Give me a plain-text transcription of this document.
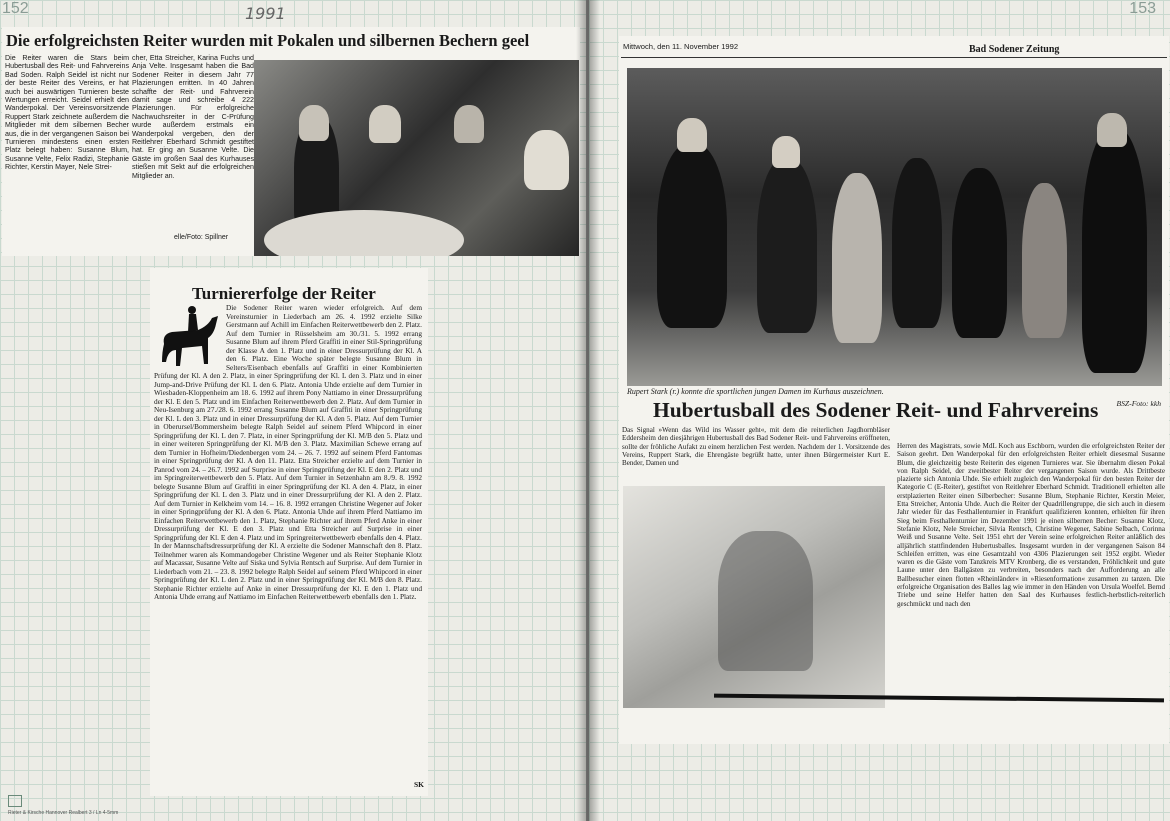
152	1991
Die erfolgreichsten Reiter wurden mit Pokalen und silbernen Bechern geel
Die Reiter waren die Stars beim Hubertusball des Reit- und Fahrvereins Bad Soden. Ralph Seidel ist nicht nur der beste Reiter des Vereins, er hat auch bei auswärtigen Turnieren beste Wertungen erreicht. Seidel erhielt den Wanderpokal. Der Vereinsvorsitzende Ruppert Stark zeichnete außerdem die Mitglieder mit dem silbernen Becher aus, die in der vergangenen Saison bei Turnieren mindestens einen ersten Platz belegt haben: Susanne Blum, Susanne Velte, Felix Radizi, Stephanie Richter, Kerstin Mayer, Nele Strei-
cher, Etta Streicher, Karina Fuchs und Anja Velte. Insgesamt haben die Bad Sodener Reiter in diesem Jahr 77 Plazierungen erritten. In 40 Jahren schaffte der Reit- und Fahrverein damit sage und schreibe 4 222 Plazierungen. Für erfolgreiche Nachwuchsreiter in der C-Prüfung wurde außerdem erstmals ein Wanderpokal vergeben, den der Reitlehrer Eberhard Schmidt gestiftet hat. Er ging an Susanne Velte. Die Gäste im großen Saal des Kurhauses stießen mit Sekt auf die erfolgreichen Mitglieder an.
elle/Foto: Spillner
Turniererfolge der Reiter
Die Sodener Reiter waren wieder erfolgreich. Auf dem Vereinsturnier in Liederbach am 26. 4. 1992 erzielte Silke Gerstmann auf Achill im Einfachen Reiterwettbewerb den 2. Platz. Auf dem Turnier in Rüsselsheim am 30./31. 5. 1992 errang Susanne Blum auf ihrem Pferd Graffiti in einer Stil-Springprüfung der Klasse A den 1. Platz und in einer Dressurprüfung der Kl. A den 6. Platz. Eine Woche später belegte Susanne Blum in Selters/Eisenbach ebenfalls auf Graffiti in einer Kombinierten Prüfung der Kl. A den 2. Platz, in einer Springprüfung der Kl. L den 3. Platz und in einer Jump-and-Drive Prüfung der Kl. L den 6. Platz. Antonia Uhde erzielte auf dem Turnier in Wiesbaden-Kloppenheim am 18. 6. 1992 auf ihrem Pony Nattiamo in einer Dressurprüfung der Kl. E den 5. Platz und im Einfachen Reiterwettbewerb den 2. Platz. Auf dem Turnier in Neu-Isenburg am 27./28. 6. 1992 errang Susanne Blum auf Graffiti in einer Springprüfung der Kl. L den 3. Platz und in einer Dressurprüfung der Kl. A den 5. Platz. Auf dem Turnier in Oberursel/Bommersheim belegte Ralph Seidel auf seinem Pferd Whipcord in einer Springprüfung der Kl. L den 7. Platz, in einer Springprüfung der Kl. M/B den 5. Platz und in einer weiteren Springprüfung der Kl. M/B den 3. Platz. Maximilian Schewe errang auf dem Turnier in Hofheim/Diedenbergen vom 24. – 26. 7. 1992 auf seinem Pferd Fantomas in einer Springprüfung der Kl. A den 11. Platz. Etta Streicher erzielte auf dem Turnier in Panrod vom 24. – 26.7. 1992 auf Surprise in einer Springprüfung der Kl. E den 2. Platz und im Springreiterwettbewerb den 5. Platz. Auf dem Turnier in Setzenhahn am 8./9. 8. 1992 belegte Susanne Blum auf Graffiti in einer Springprüfung der Kl. A den 4. Platz, in einer Springprüfung der Kl. L den 3. Platz und in einer Dressurprüfung der Kl. A den 2. Platz. Auf dem Turnier in Kelkheim vom 14. – 16. 8. 1992 errangen Christine Wegener auf Joker in einer Springprüfung der Kl. A den 6. Platz. Antonia Uhde auf ihrem Pferd Nattiamo im Einfachen Reiterwettbewerb den 1. Platz, Stephanie Richter auf ihrem Pferd Anke in einer Dressurprüfung der Kl. E den 3. Platz und Etta Streicher auf Surprise in einer Springprüfung der Kl. E den 4. Platz und im Springreiterwettbewerb ebenfalls den 4. Platz. In der Mannschaftsdressurprüfung der Kl. A erzielte die Sodener Mannschaft den 8. Platz. Teilnehmer waren als Kommandogeber Christine Wegener und als Reiter Stephanie Klotz auf Macassar, Susanne Velte auf Siska und Sylvia Rentsch auf Surprise. Auf dem Turnier in Liederbach vom 21. – 23. 8. 1992 belegte Ralph Seidel auf seinem Pferd Whipcord in einer Springprüfung der Kl. L den 2. Platz und in einer Springprüfung der Kl. M/B den 8. Platz. Stephanie Richter erzielte auf Anke in einer Dressurprüfung der Kl. E den 1. Platz und Antonia Uhde errang auf Nattiamo im Einfachen Reiterwettbewerb ebenfalls den 1. Platz.
SK
Rieter & Kirsche Hannover Realbert 3 / Ln 4-5mm
153
Mittwoch, den 11. November 1992	Bad Sodener Zeitung
Rupert Stark (r.) konnte die sportlichen jungen Damen im Kurhaus auszeichnen.
BSZ-Foto: kkh
Hubertusball des Sodener Reit- und Fahrvereins
Das Signal »Wenn das Wild ins Wasser geht«, mit dem die reiterlichen Jagdhornbläser Eddersheim den diesjährigen Hubertusball des Bad Sodener Reit- und Fahrvereins eröffneten, sollte der fröhliche Aufakt zu einem herzlichen Fest werden. Nachdem der 1. Vorsitzende des Vereins, Ruppert Stark, die Ehrengäste begrüßt hatte, unter ihnen Bürgermeister Kurt E. Bender, Damen und
Herren des Magistrats, sowie MdL Koch aus Eschborn, wurden die erfolgreichsten Reiter der Saison geehrt. Den Wanderpokal für den erfolgreichsten Reiter erhielt diesesmal Susanne Blum, die gleichzeitig beste Reiterin des eigenen Turnieres war. Sie übernahm diesen Pokal von Ralph Seidel, der zweitbester Reiter der vergangenen Saison wurde. Als Drittbeste plazierte sich Antonia Uhde. Sie erhielt zugleich den Wanderpokal für den besten Reiter der Kategorie C (E-Reiter), gestiftet von Reitlehrer Eberhard Schmidt. Traditionell erhielten alle erstplazierten Reiter einen Silberbecher: Susanne Blum, Stephanie Richter, Kerstin Meier, Etta Streicher, Antonia Uhde. Auch die Reiter der Quadrillengruppe, die sich auch in diesem Jahr wieder für das Festhallenturnier in Frankfurt qualifizieren konnten, erhielten für ihren Sieg beim Festhallenturnier im Dezember 1991 je einen silbernen Becher: Susanne Klotz, Stefanie Klotz, Nele Streicher, Silvia Rentsch, Christine Wegener, Sabine Selbach, Corinna Weiß und Susanne Velte. Seit 1951 ehrt der Verein seine erfolgreichen Reiter anläßlich des alljährlich stattfindenden Hubertusballes. Insgesamt wurden in der vergangenen Saison 84 Schleifen erritten, was eine Gesamtzahl von 4306 Plazierungen seit 1952 ergibt. Wieder waren es die Gäste vom Tanzkreis MTV Kronberg, die es verstanden, Fröhlichkeit und gute Laune unter den Ballgästen zu verbreiten, besonders nach der Aufforderung an alle Ballbesucher einen flotten »Rheinländer« in »Riesenformation« zusammen zu tanzen. Die erfolgreiche Organisation des Balles lag wie immer in den Händen von Ursula Woelfel. Bernd Triebe und seine Helfer hatten den Saal des Kurhauses festlich-herbstlich-reiterlich geschmückt und nach den
